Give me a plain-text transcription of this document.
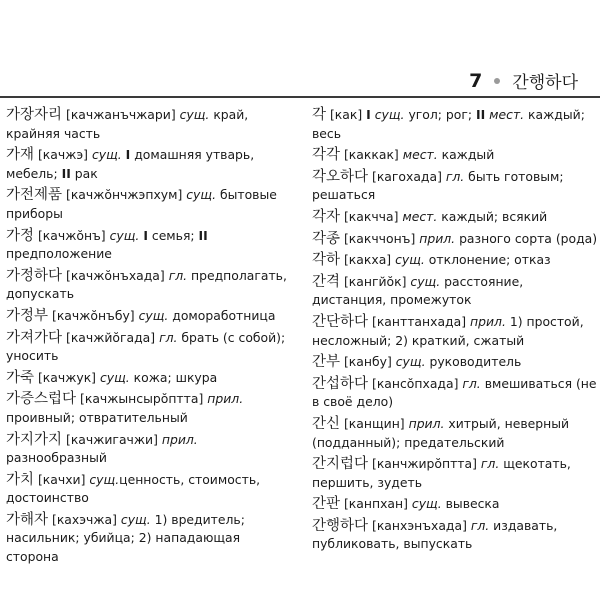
7 간행하다
가장자리 [качжанъчжари] сущ. край, крайняя часть
가재 [качжэ] сущ. I домашняя утварь, мебель; II рак
가전제품 [качжŏнчжэпхум] сущ. бытовые приборы
가정 [качжŏнъ] сущ. I семья; II предположение
가정하다 [качжŏнъхада] гл. предполагать, допускать
가정부 [качжŏнъбу] сущ. домоработница
가져가다 [качжйŏгада] гл. брать (с собой); уносить
가죽 [качжук] сущ. кожа; шкура
가증스럽다 [качжынсырŏптта] прил. проивный; отвратительный
가지가지 [качжигачжи] прил. разнообразный
가치 [качхи] сущ.ценность, стоимость, достоинство
가해자 [кахэчжа] сущ. 1) вредитель; насильник; убийца; 2) нападающая сторона
각 [как] I сущ. угол; рог; II мест. каждый; весь
각각 [каккак] мест. каждый
각오하다 [кагохада] гл. быть готовым; решаться
각자 [какчча] мест. каждый; всякий
각종 [какччонъ] прил. разного сорта (рода)
각하 [какха] сущ. отклонение; отказ
간격 [кангйŏк] сущ. расстояние, дистанция, промежуток
간단하다 [канттанхада] прил. 1) простой, несложный; 2) краткий, сжатый
간부 [канбу] сущ. руководитель
간섭하다 [кансŏпхада] гл. вмешиваться (не в своё дело)
간신 [канщин] прил. хитрый, неверный (подданный); предательский
간지럽다 [канчжирŏптта] гл. щекотать, першить, зудеть
간판 [канпхан] сущ. вывеска
간행하다 [канхэнъхада] гл. издавать, публиковать, выпускать
